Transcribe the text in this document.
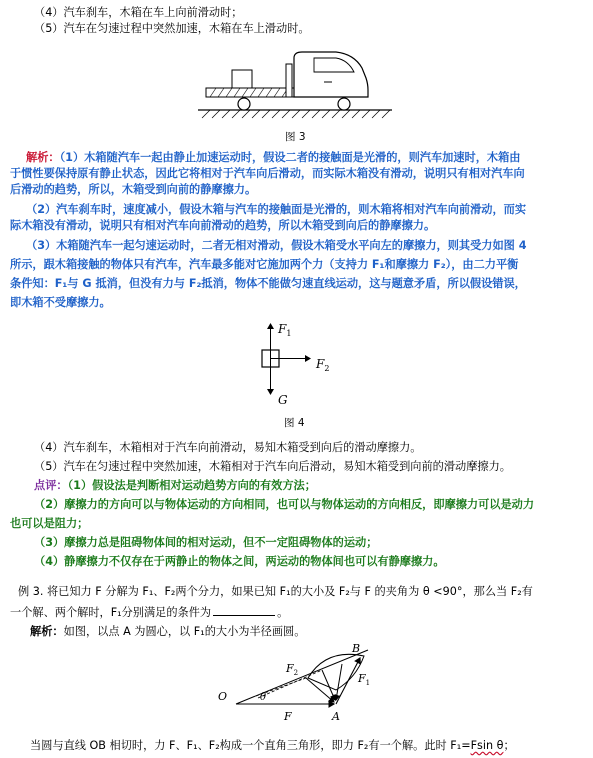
（4）汽车刹车，木箱在车上向前滑动时；
（5）汽车在匀速过程中突然加速，木箱在车上滑动时。
图 3
解析：（1）木箱随汽车一起由静止加速运动时，假设二者的接触面是光滑的，则汽车加速时，木箱由
于惯性要保持原有静止状态，因此它将相对于汽车向后滑动，而实际木箱没有滑动，说明只有相对汽车向
后滑动的趋势，所以，木箱受到向前的静摩擦力。
（2）汽车刹车时，速度减小，假设木箱与汽车的接触面是光滑的，则木箱将相对汽车向前滑动，而实
际木箱没有滑动，说明只有相对汽车向前滑动的趋势，所以木箱受到向后的静摩擦力。
（3）木箱随汽车一起匀速运动时，二者无相对滑动，假设木箱受水平向左的摩擦力，则其受力如图 4
所示，跟木箱接触的物体只有汽车，汽车最多能对它施加两个力（支持力 F₁和摩擦力 F₂），由二力平衡
条件知：F₁与 G 抵消，但没有力与 F₂抵消，物体不能做匀速直线运动，这与题意矛盾，所以假设错误，
即木箱不受摩擦力。
$F_1$
$F_2$
G
图 4
（4）汽车刹车，木箱相对于汽车向前滑动，易知木箱受到向后的滑动摩擦力。
（5）汽车在匀速过程中突然加速，木箱相对于汽车向后滑动，易知木箱受到向前的滑动摩擦力。
点评：（1）假设法是判断相对运动趋势方向的有效方法；
（2）摩擦力的方向可以与物体运动的方向相同，也可以与物体运动的方向相反，即摩擦力可以是动力
也可以是阻力；
（3）摩擦力总是阻碍物体间的相对运动，但不一定阻碍物体的运动；
（4）静摩擦力不仅存在于两静止的物体之间，两运动的物体间也可以有静摩擦力。
例 3. 将已知力 F 分解为 F₁、F₂两个分力，如果已知 F₁的大小及 F₂与 F 的夹角为 θ <90°，那么当 F₂有
一个解、两个解时，F₁分别满足的条件为	。
解析：如图，以点 A 为圆心，以 F₁的大小为半径画圆。
O
$F_2$
B
$F_1$
θ
F	A
当圆与直线 OB 相切时，力 F、F₁、F₂构成一个直角三角形，即力 F₂有一个解。此时 F₁=Fsin θ；
